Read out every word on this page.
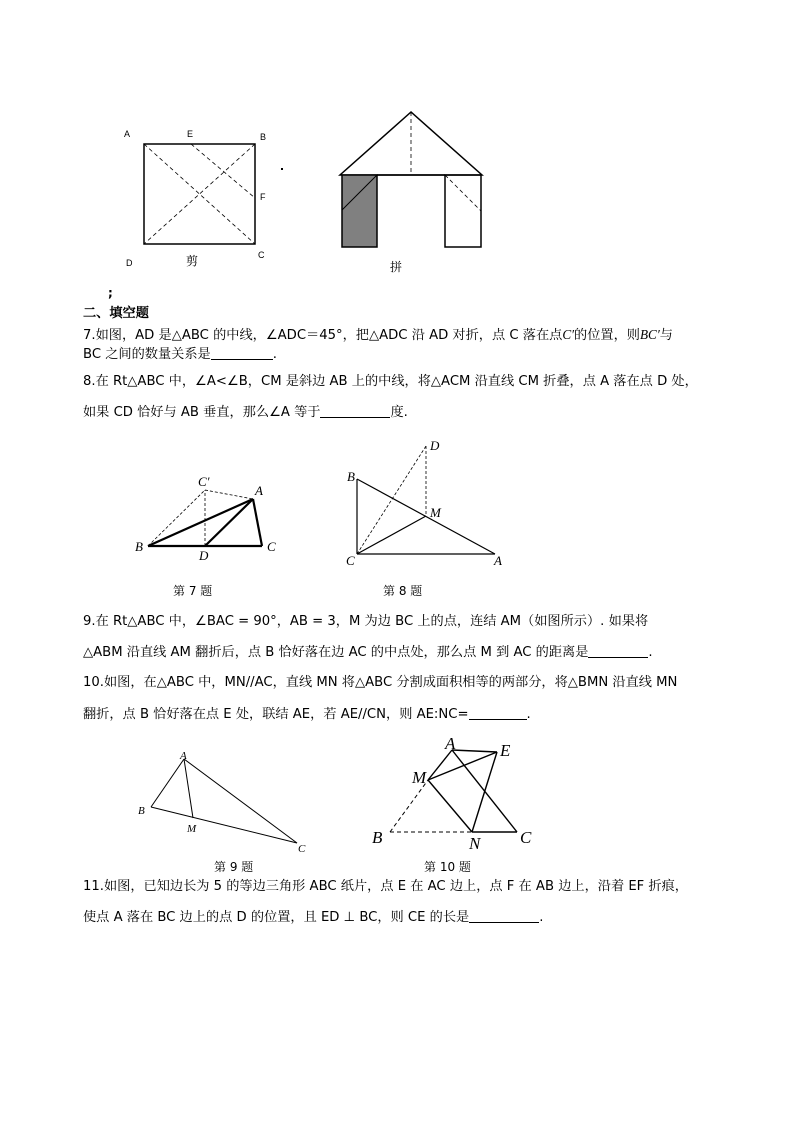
A	E	B
F
D
C
剪	拼
;
二、填空题
7.如图，AD 是△ABC 的中线，∠ADC＝45°，把△ADC 沿 AD 对折，点 C 落在点C′的位置，则BC′与
BC 之间的数量关系是	.
8.在 Rt△ABC 中，∠A<∠B，CM 是斜边 AB 上的中线，将△ACM 沿直线 CM 折叠，点 A 落在点 D 处，
如果 CD 恰好与 AB 垂直，那么∠A 等于	度.
C′
A
B
D
C
第 7 题
D
B
M
C	A
第 8 题
9.在 Rt△ABC 中，∠BAC = 90°，AB = 3，M 为边 BC 上的点，连结 AM（如图所示）. 如果将
△ABM 沿直线 AM 翻折后，点 B 恰好落在边 AC 的中点处，那么点 M 到 AC 的距离是	.
10.如图，在△ABC 中，MN//AC，直线 MN 将△ABC 分割成面积相等的两部分，将△BMN 沿直线 MN
翻折，点 B 恰好落在点 E 处，联结 AE，若 AE//CN，则 AE:NC=	.
A
B
M
C
第 9 题
A	E
M
B	N C
第 10 题
11.如图，已知边长为 5 的等边三角形 ABC 纸片，点 E 在 AC 边上，点 F 在 AB 边上，沿着 EF 折痕，
使点 A 落在 BC 边上的点 D 的位置，且 ED ⊥ BC，则 CE 的长是	.
